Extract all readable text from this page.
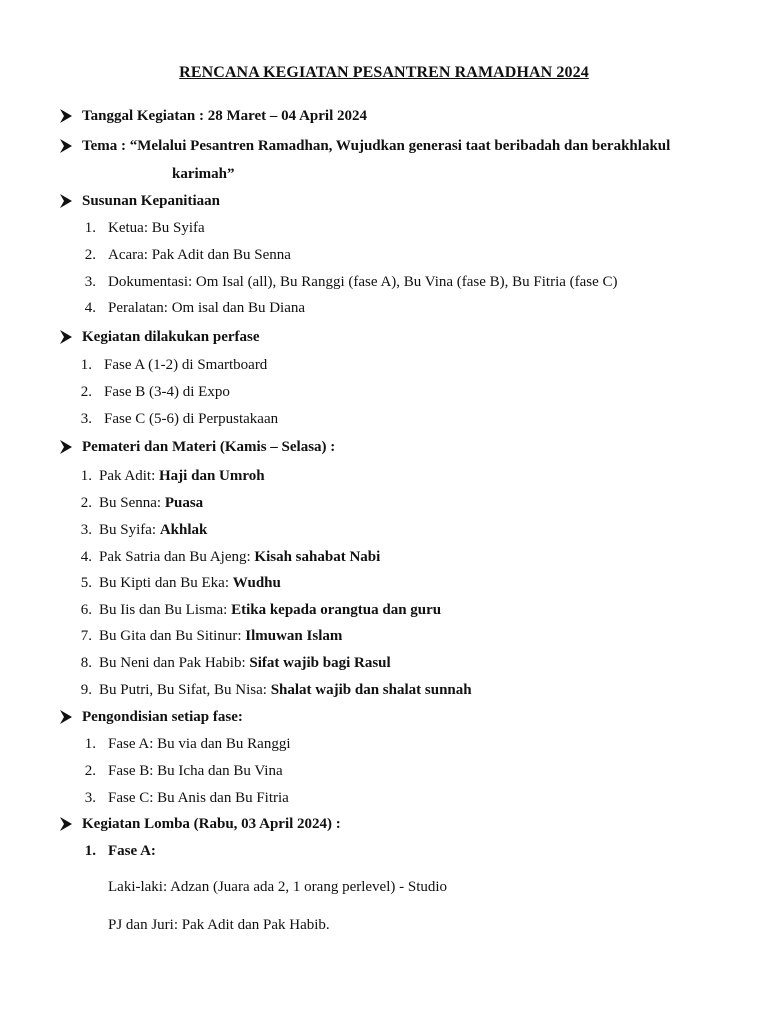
RENCANA KEGIATAN PESANTREN RAMADHAN 2024
Tanggal Kegiatan : 28 Maret – 04 April 2024
Tema : “Melalui Pesantren Ramadhan, Wujudkan generasi taat beribadah dan berakhlakul
karimah”
Susunan Kepanitiaan
1. Ketua: Bu Syifa
2. Acara: Pak Adit dan Bu Senna
3. Dokumentasi: Om Isal (all), Bu Ranggi (fase A), Bu Vina (fase B), Bu Fitria (fase C)
4. Peralatan: Om isal dan Bu Diana
Kegiatan dilakukan perfase
1. Fase A (1-2) di Smartboard
2. Fase B (3-4) di Expo
3. Fase C (5-6) di Perpustakaan
Pemateri dan Materi (Kamis – Selasa) :
1. Pak Adit: Haji dan Umroh
2. Bu Senna: Puasa
3. Bu Syifa: Akhlak
4. Pak Satria dan Bu Ajeng: Kisah sahabat Nabi
5. Bu Kipti dan Bu Eka: Wudhu
6. Bu Iis dan Bu Lisma: Etika kepada orangtua dan guru
7. Bu Gita dan Bu Sitinur: Ilmuwan Islam
8. Bu Neni dan Pak Habib: Sifat wajib bagi Rasul
9. Bu Putri, Bu Sifat, Bu Nisa: Shalat wajib dan shalat sunnah
Pengondisian setiap fase:
1. Fase A: Bu via dan Bu Ranggi
2. Fase B: Bu Icha dan Bu Vina
3. Fase C: Bu Anis dan Bu Fitria
Kegiatan Lomba (Rabu, 03 April 2024) :
1. Fase A:
Laki-laki: Adzan (Juara ada 2, 1 orang perlevel) - Studio
PJ dan Juri: Pak Adit dan Pak Habib.
